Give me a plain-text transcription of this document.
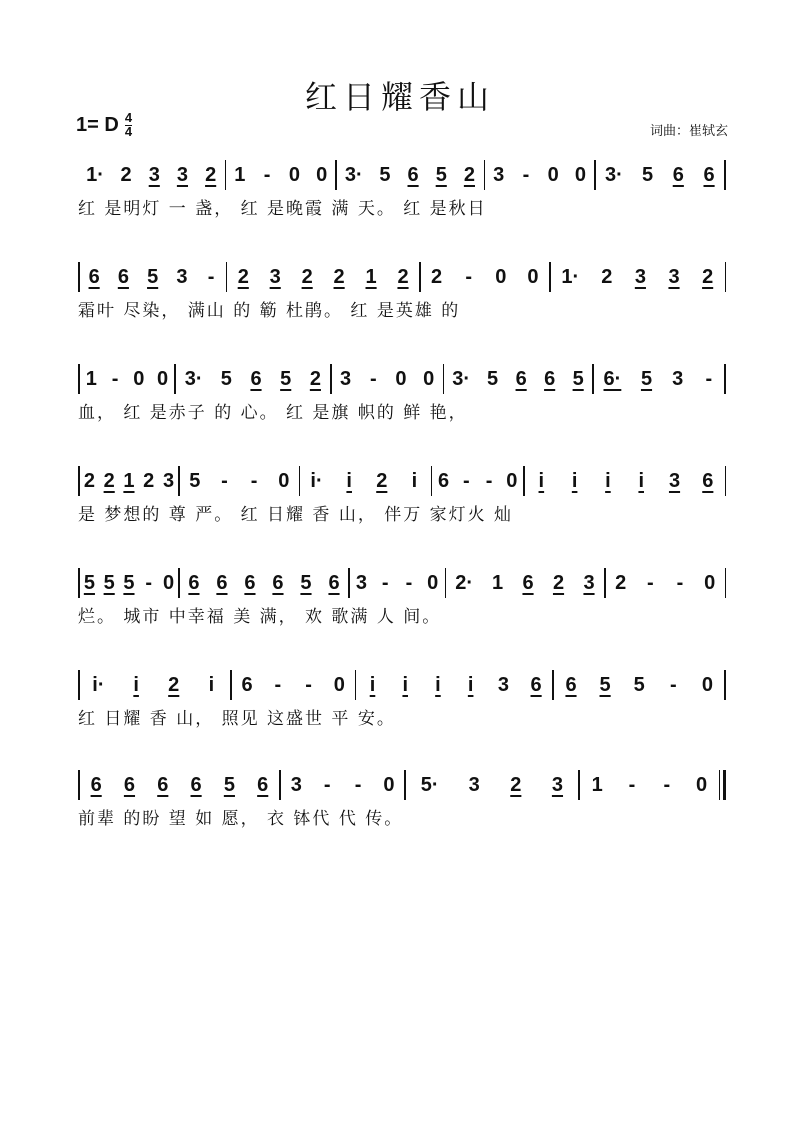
红日耀香山
1= D $\frac{4}{4}$	词曲：崔轼玄
1· 2 3 3 2 1 - 0 0 3· 5 6 5 2 3 - 0 0 3· 5 6 6
红 是明灯 一 盏， 红 是晚霞 满 天。 红 是秋日
6 6 5 3 - 2 3 2 2 1 2 2 - 0 0 1· 2 3 3 2
霜叶 尽染， 满山 的 簕 杜鹃。 红 是英雄 的
1 - 0 0 3· 5 6 5 2 3 - 0 0 3· 5 6 6 5 6· 5 3 -
血， 红 是赤子 的 心。 红 是旗 帜的 鲜 艳，
2 2 1 2 3 5 - - 0 i· i 2 i 6 - - 0 i i i i 3 6
是 梦想的 尊 严。 红 日耀 香 山， 伴万 家灯火 灿
5 5 5 - 0 6 6 6 6 5 6 3 - - 0 2· 1 6 2 3 2 - - 0
烂。 城市 中幸福 美 满， 欢 歌满 人 间。
i· i 2 i 6 - - 0 i i i i 3 6 6 5 5 - 0
红 日耀 香 山， 照见 这盛世 平 安。
6 6 6 6 5 6 3 - - 0 5· 3 2 3 1 - - 0
前辈 的盼 望 如 愿， 衣 钵代 代 传。
